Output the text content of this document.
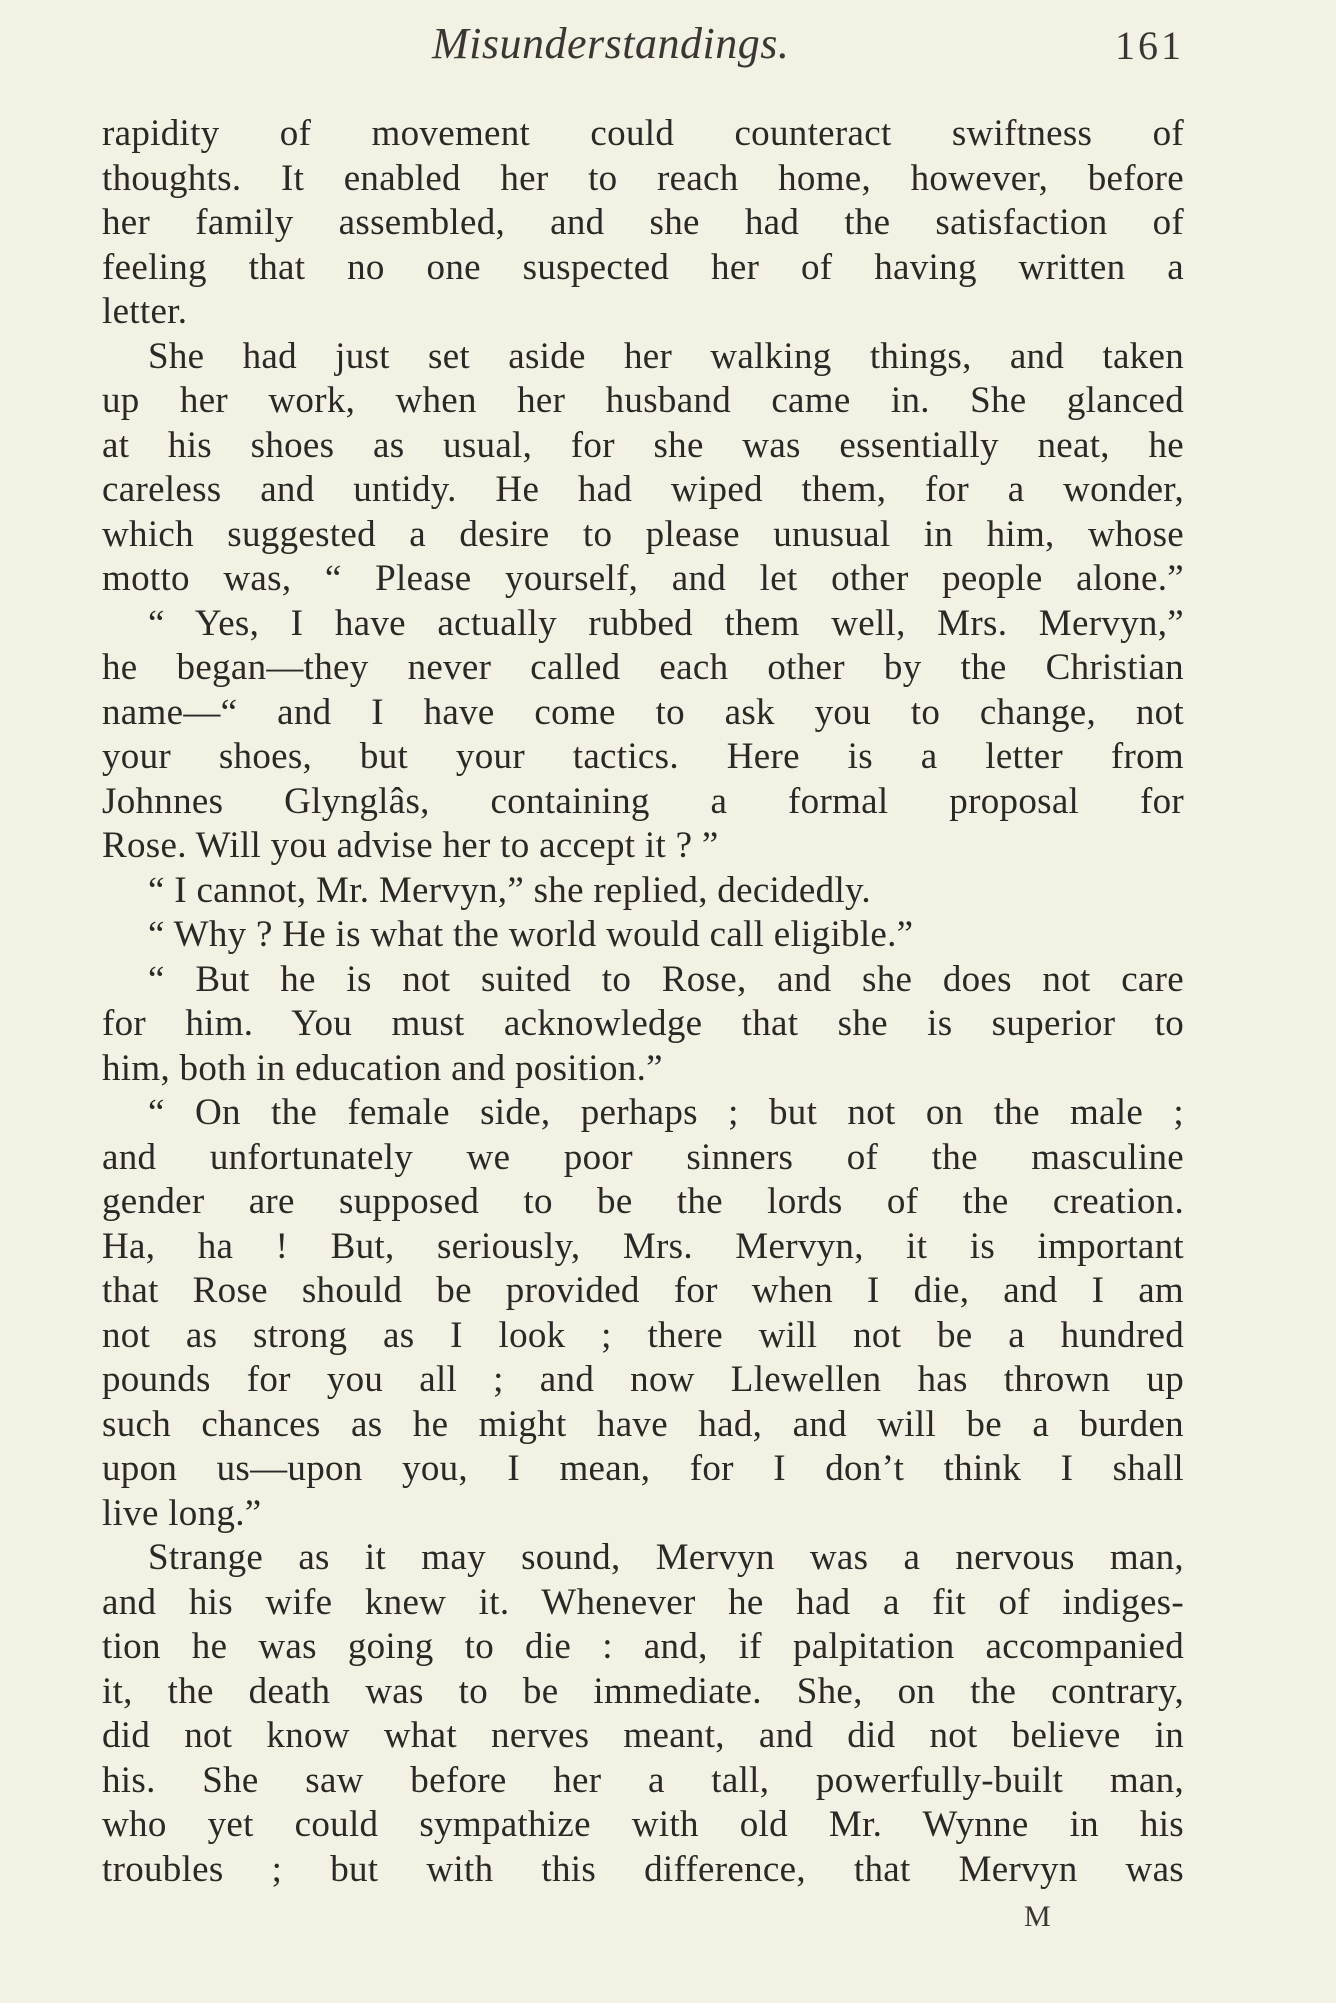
Misunderstandings.	161
rapidity of movement could counteract swiftness of
thoughts. It enabled her to reach home, however, before
her family assembled, and she had the satisfaction of
feeling that no one suspected her of having written a
letter.
She had just set aside her walking things, and taken
up her work, when her husband came in. She glanced
at his shoes as usual, for she was essentially neat, he
careless and untidy. He had wiped them, for a wonder,
which suggested a desire to please unusual in him, whose
motto was, “ Please yourself, and let other people alone.”
“ Yes, I have actually rubbed them well, Mrs. Mervyn,”
he began—they never called each other by the Christian
name—“ and I have come to ask you to change, not
your shoes, but your tactics. Here is a letter from
Johnnes Glynglâs, containing a formal proposal for
Rose. Will you advise her to accept it ? ”
“ I cannot, Mr. Mervyn,” she replied, decidedly.
“ Why ? He is what the world would call eligible.”
“ But he is not suited to Rose, and she does not care
for him. You must acknowledge that she is superior to
him, both in education and position.”
“ On the female side, perhaps ; but not on the male ;
and unfortunately we poor sinners of the masculine
gender are supposed to be the lords of the creation.
Ha, ha ! But, seriously, Mrs. Mervyn, it is important
that Rose should be provided for when I die, and I am
not as strong as I look ; there will not be a hundred
pounds for you all ; and now Llewellen has thrown up
such chances as he might have had, and will be a burden
upon us—upon you, I mean, for I don’t think I shall
live long.”
Strange as it may sound, Mervyn was a nervous man,
and his wife knew it. Whenever he had a fit of indiges-
tion he was going to die : and, if palpitation accompanied
it, the death was to be immediate. She, on the contrary,
did not know what nerves meant, and did not believe in
his. She saw before her a tall, powerfully-built man,
who yet could sympathize with old Mr. Wynne in his
troubles ; but with this difference, that Mervyn was
M
